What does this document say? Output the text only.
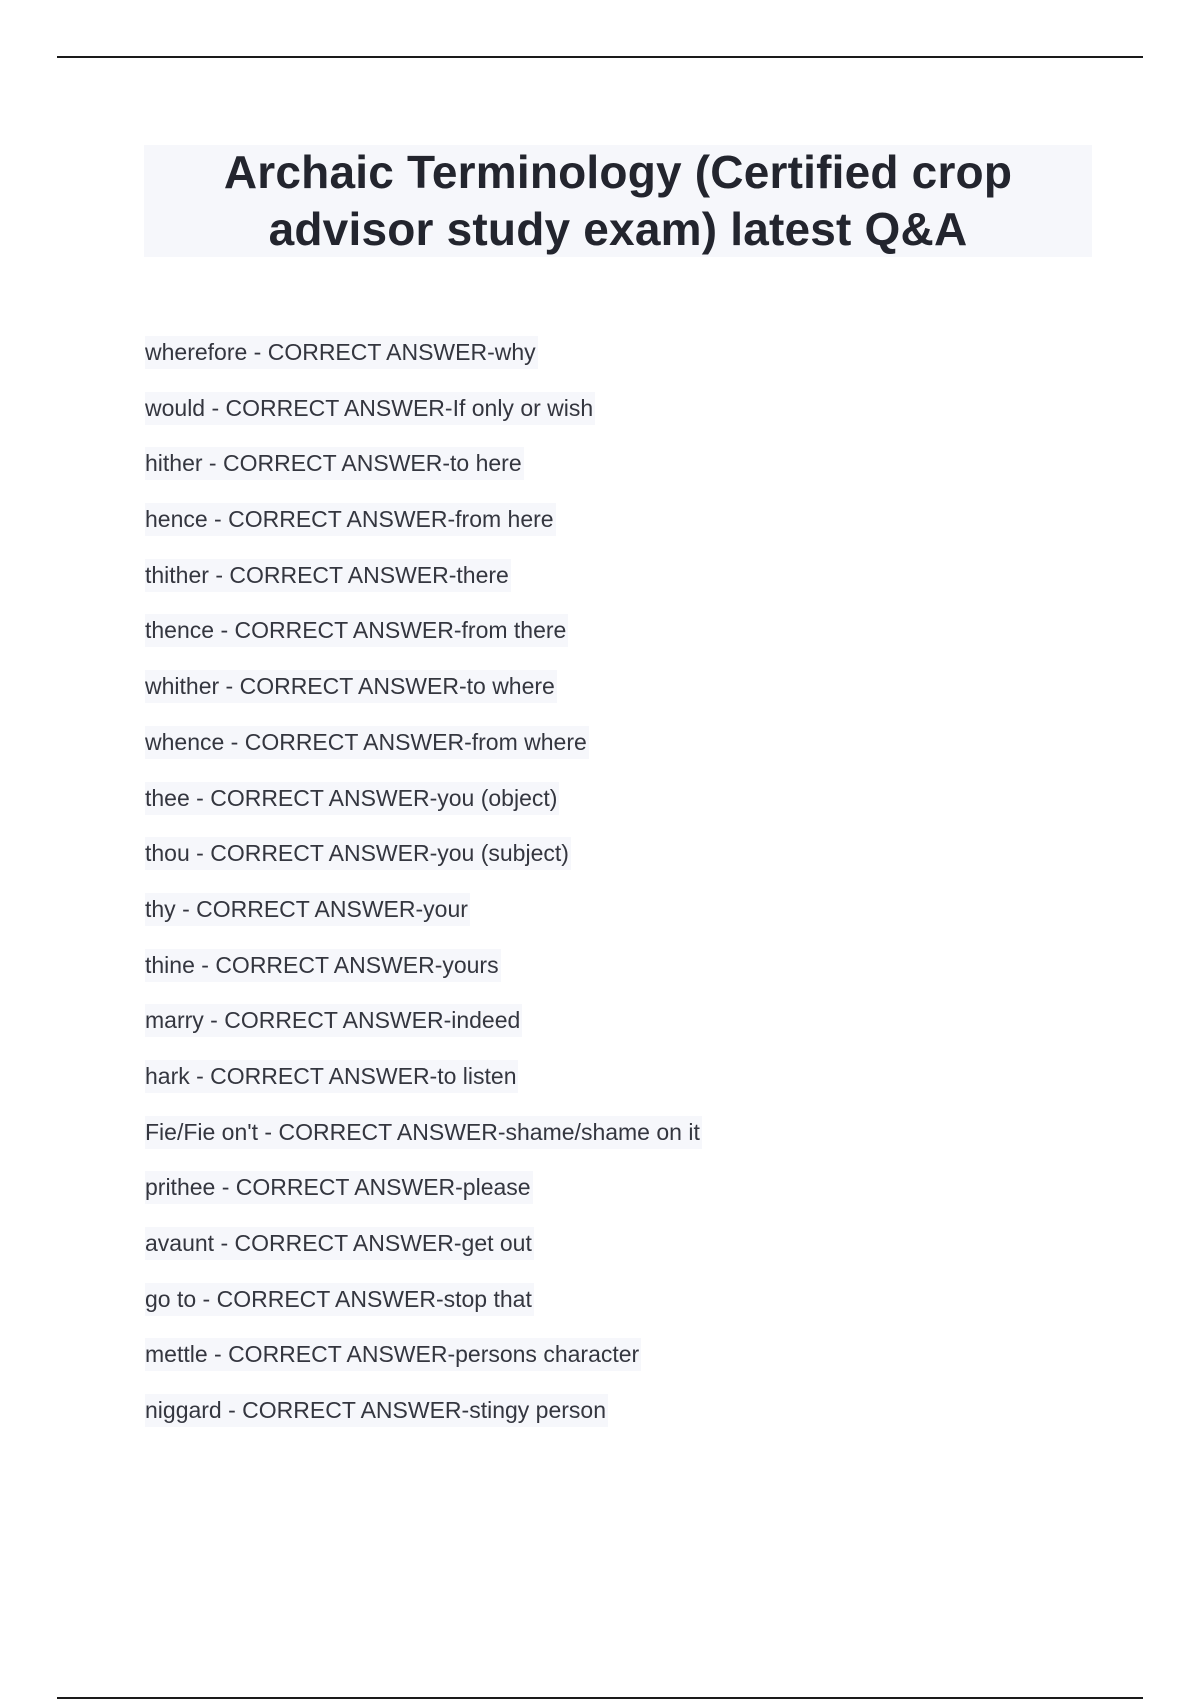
Archaic Terminology (Certified crop
advisor study exam) latest Q&A
wherefore - CORRECT ANSWER-why
would - CORRECT ANSWER-If only or wish
hither - CORRECT ANSWER-to here
hence - CORRECT ANSWER-from here
thither - CORRECT ANSWER-there
thence - CORRECT ANSWER-from there
whither - CORRECT ANSWER-to where
whence - CORRECT ANSWER-from where
thee - CORRECT ANSWER-you (object)
thou - CORRECT ANSWER-you (subject)
thy - CORRECT ANSWER-your
thine - CORRECT ANSWER-yours
marry - CORRECT ANSWER-indeed
hark - CORRECT ANSWER-to listen
Fie/Fie on't - CORRECT ANSWER-shame/shame on it
prithee - CORRECT ANSWER-please
avaunt - CORRECT ANSWER-get out
go to - CORRECT ANSWER-stop that
mettle - CORRECT ANSWER-persons character
niggard - CORRECT ANSWER-stingy person
